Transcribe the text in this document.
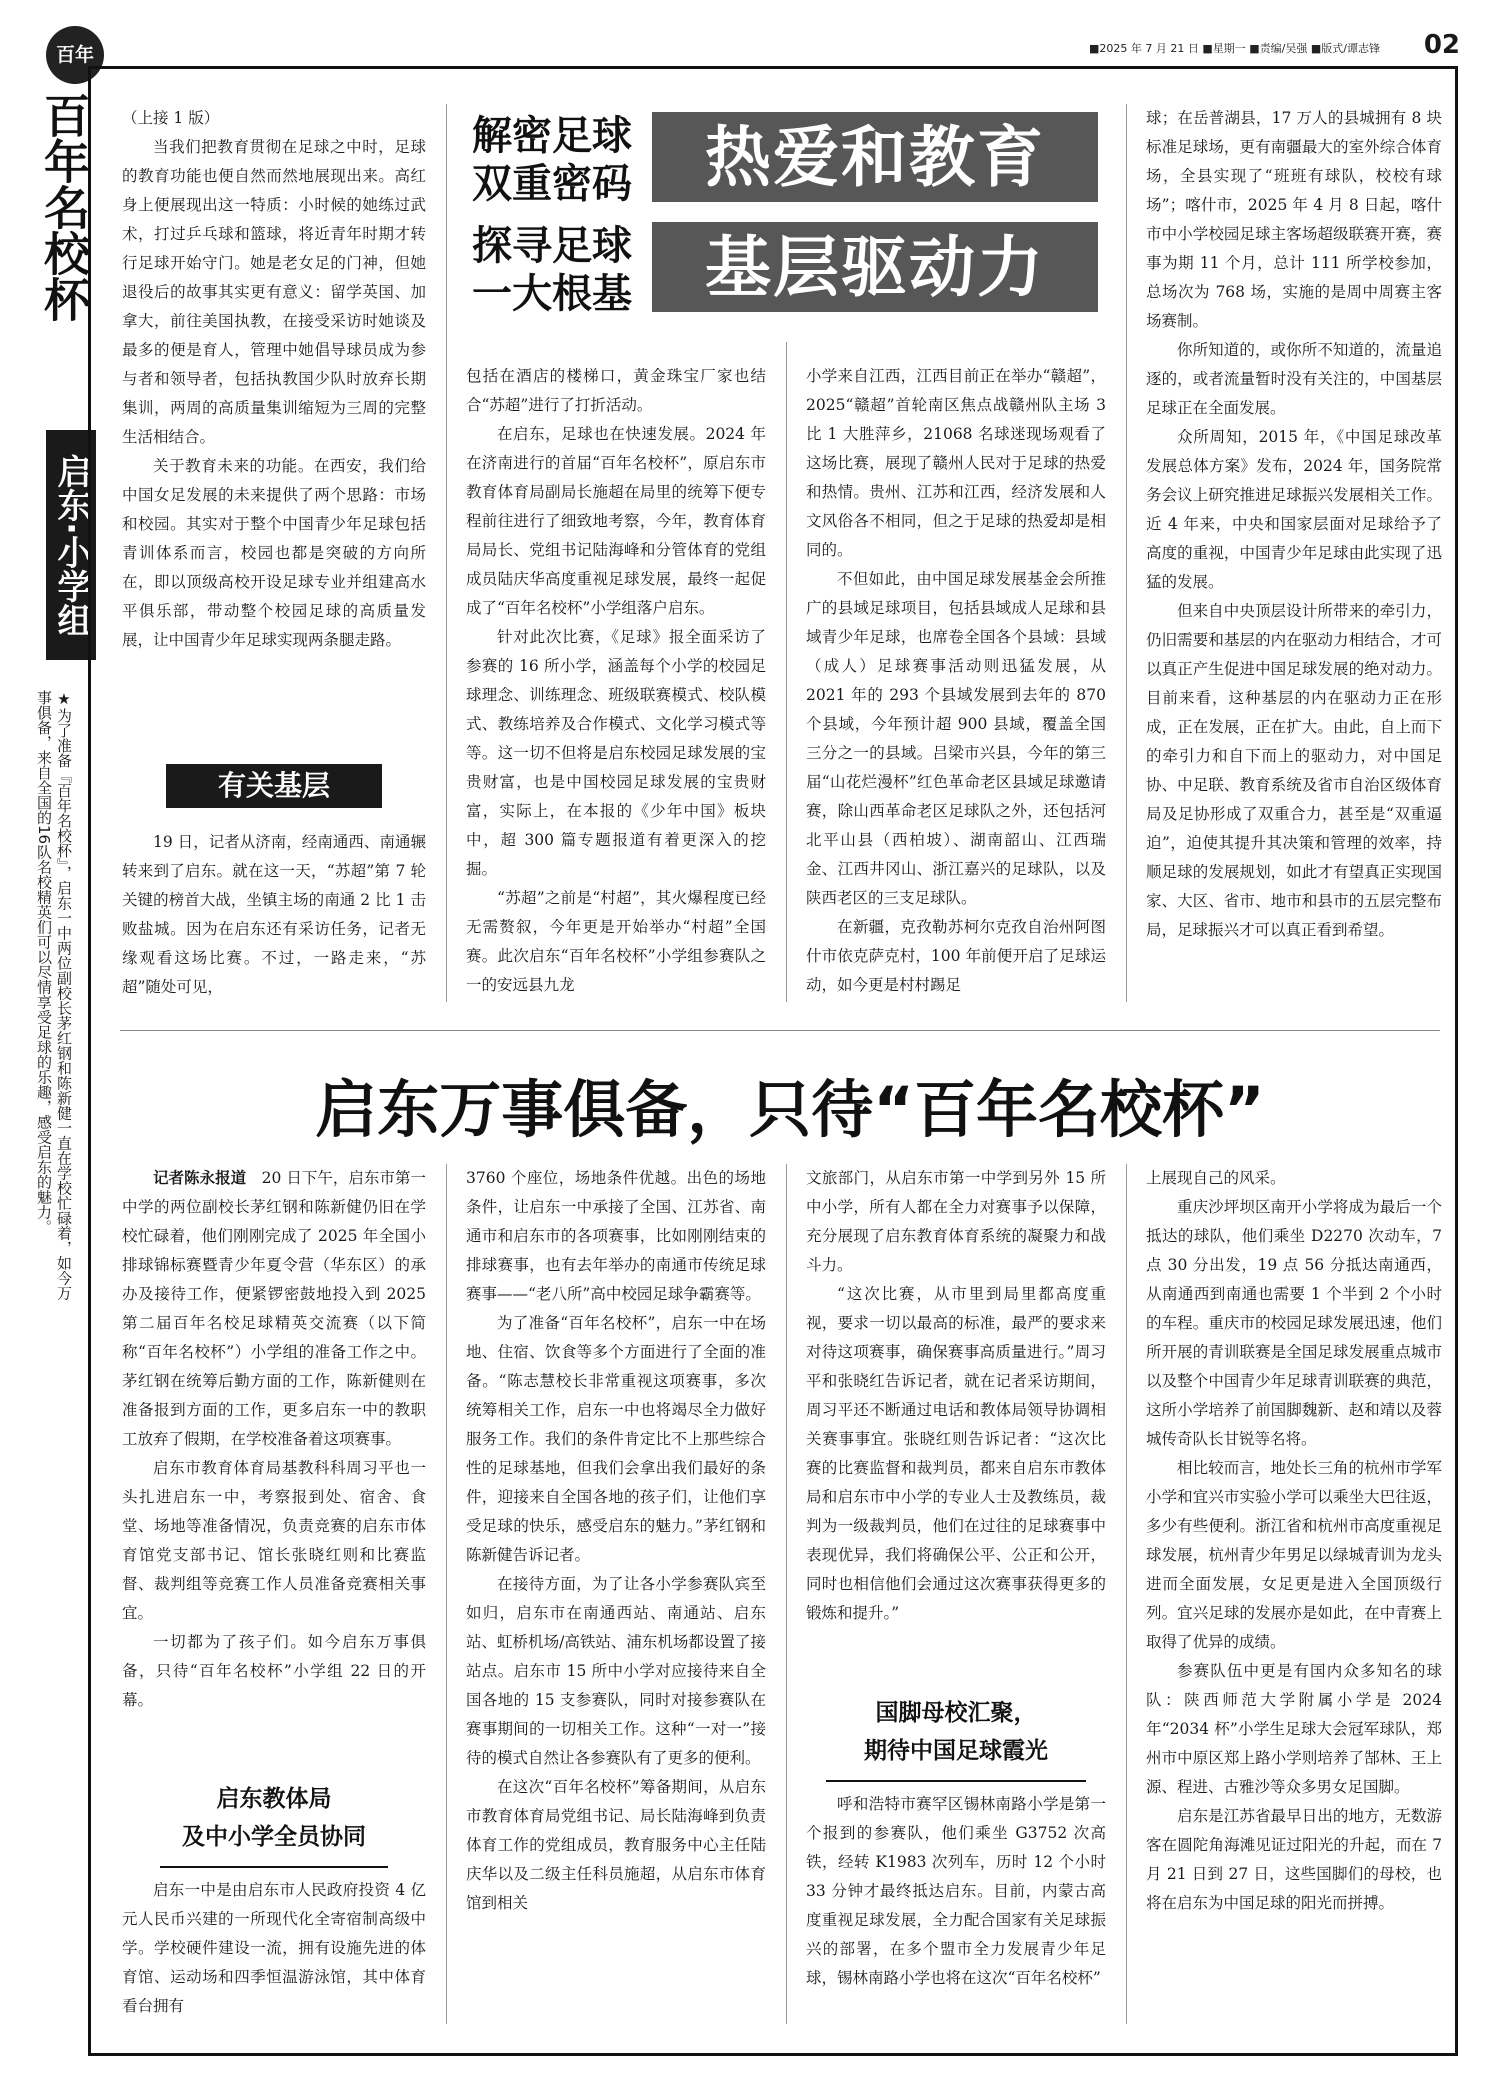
百年	■2025 年 7 月 21 日 ■星期一 ■责编/吴强 ■版式/谭志锋 02
百年名校杯
启东·小学组
★为了准备『百年名校杯』，启东一中两位副校长茅红钢和陈新健一直在学校忙碌着，如今万事俱备，来自全国的16队名校精英们可以尽情享受足球的乐趣，感受启东的魅力。
解密足球双重密码	热爱和教育
探寻足球一大根基	基层驱动力

（上接 1 版）

当我们把教育贯彻在足球之中时，足球的教育功能也便自然而然地展现出来。高红身上便展现出这一特质：小时候的她练过武术，打过乒乓球和篮球，将近青年时期才转行足球开始守门。她是老女足的门神，但她退役后的故事其实更有意义：留学英国、加拿大，前往美国执教，在接受采访时她谈及最多的便是育人，管理中她倡导球员成为参与者和领导者，包括执教国少队时放弃长期集训，两周的高质量集训缩短为三周的完整生活相结合。

关于教育未来的功能。在西安，我们给中国女足发展的未来提供了两个思路：市场和校园。其实对于整个中国青少年足球包括青训体系而言，校园也都是突破的方向所在，即以顶级高校开设足球专业并组建高水平俱乐部，带动整个校园足球的高质量发展，让中国青少年足球实现两条腿走路。

有关基层

19 日，记者从济南，经南通西、南通辗转来到了启东。就在这一天，“苏超”第 7 轮关键的榜首大战，坐镇主场的南通 2 比 1 击败盐城。因为在启东还有采访任务，记者无缘观看这场比赛。不过，一路走来，“苏超”随处可见，

包括在酒店的楼梯口，黄金珠宝厂家也结合“苏超”进行了打折活动。

在启东，足球也在快速发展。2024 年在济南进行的首届“百年名校杯”，原启东市教育体育局副局长施超在局里的统筹下便专程前往进行了细致地考察，今年，教育体育局局长、党组书记陆海峰和分管体育的党组成员陆庆华高度重视足球发展，最终一起促成了“百年名校杯”小学组落户启东。

针对此次比赛，《足球》报全面采访了参赛的 16 所小学，涵盖每个小学的校园足球理念、训练理念、班级联赛模式、校队模式、教练培养及合作模式、文化学习模式等等。这一切不但将是启东校园足球发展的宝贵财富，也是中国校园足球发展的宝贵财富，实际上，在本报的《少年中国》板块中，超 300 篇专题报道有着更深入的挖掘。

“苏超”之前是“村超”，其火爆程度已经无需赘叙，今年更是开始举办“村超”全国赛。此次启东“百年名校杯”小学组参赛队之一的安远县九龙

小学来自江西，江西目前正在举办“赣超”，2025“赣超”首轮南区焦点战赣州队主场 3 比 1 大胜萍乡，21068 名球迷现场观看了这场比赛，展现了赣州人民对于足球的热爱和热情。贵州、江苏和江西，经济发展和人文风俗各不相同，但之于足球的热爱却是相同的。

不但如此，由中国足球发展基金会所推广的县域足球项目，包括县域成人足球和县域青少年足球，也席卷全国各个县域：县域（成人）足球赛事活动则迅猛发展，从 2021 年的 293 个县域发展到去年的 870 个县域，今年预计超 900 县域，覆盖全国三分之一的县域。吕梁市兴县，今年的第三届“山花烂漫杯”红色革命老区县域足球邀请赛，除山西革命老区足球队之外，还包括河北平山县（西柏坡）、湖南韶山、江西瑞金、江西井冈山、浙江嘉兴的足球队，以及陕西老区的三支足球队。

在新疆，克孜勒苏柯尔克孜自治州阿图什市依克萨克村，100 年前便开启了足球运动，如今更是村村踢足

球；在岳普湖县，17 万人的县城拥有 8 块标准足球场，更有南疆最大的室外综合体育场，全县实现了“班班有球队，校校有球场”；喀什市，2025 年 4 月 8 日起，喀什市中小学校园足球主客场超级联赛开赛，赛事为期 11 个月，总计 111 所学校参加，总场次为 768 场，实施的是周中周赛主客场赛制。

你所知道的，或你所不知道的，流量追逐的，或者流量暂时没有关注的，中国基层足球正在全面发展。

众所周知，2015 年，《中国足球改革发展总体方案》发布，2024 年，国务院常务会议上研究推进足球振兴发展相关工作。近 4 年来，中央和国家层面对足球给予了高度的重视，中国青少年足球由此实现了迅猛的发展。

但来自中央顶层设计所带来的牵引力，仍旧需要和基层的内在驱动力相结合，才可以真正产生促进中国足球发展的绝对动力。目前来看，这种基层的内在驱动力正在形成，正在发展，正在扩大。由此，自上而下的牵引力和自下而上的驱动力，对中国足协、中足联、教育系统及省市自治区级体育局及足协形成了双重合力，甚至是“双重逼迫”，迫使其提升其决策和管理的效率，持顺足球的发展规划，如此才有望真正实现国家、大区、省市、地市和县市的五层完整布局，足球振兴才可以真正看到希望。

启东万事俱备，只待“百年名校杯”

记者陈永报道　 20 日下午，启东市第一中学的两位副校长茅红钢和陈新健仍旧在学校忙碌着，他们刚刚完成了 2025 年全国小排球锦标赛暨青少年夏令营（华东区）的承办及接待工作，便紧锣密鼓地投入到 2025 第二届百年名校足球精英交流赛（以下简称“百年名校杯”）小学组的准备工作之中。茅红钢在统筹后勤方面的工作，陈新健则在准备报到方面的工作，更多启东一中的教职工放弃了假期，在学校准备着这项赛事。

启东市教育体育局基教科科周习平也一头扎进启东一中，考察报到处、宿舍、食堂、场地等准备情况，负责竞赛的启东市体育馆党支部书记、馆长张晓红则和比赛监督、裁判组等竞赛工作人员准备竞赛相关事宜。

一切都为了孩子们。如今启东万事俱备，只待“百年名校杯”小学组 22 日的开幕。

启东教体局
及中小学全员协同

启东一中是由启东市人民政府投资 4 亿元人民币兴建的一所现代化全寄宿制高级中学。学校硬件建设一流，拥有设施先进的体育馆、运动场和四季恒温游泳馆，其中体育看台拥有

3760 个座位，场地条件优越。出色的场地条件，让启东一中承接了全国、江苏省、南通市和启东市的各项赛事，比如刚刚结束的排球赛事，也有去年举办的南通市传统足球赛事——“老八所”高中校园足球争霸赛等。

为了准备“百年名校杯”，启东一中在场地、住宿、饮食等多个方面进行了全面的准备。“陈志慧校长非常重视这项赛事，多次统筹相关工作，启东一中也将竭尽全力做好服务工作。我们的条件肯定比不上那些综合性的足球基地，但我们会拿出我们最好的条件，迎接来自全国各地的孩子们，让他们享受足球的快乐，感受启东的魅力。”茅红钢和陈新健告诉记者。

在接待方面，为了让各小学参赛队宾至如归，启东市在南通西站、南通站、启东站、虹桥机场/高铁站、浦东机场都设置了接站点。启东市 15 所中小学对应接待来自全国各地的 15 支参赛队，同时对接参赛队在赛事期间的一切相关工作。这种“一对一”接待的模式自然让各参赛队有了更多的便利。

在这次“百年名校杯”筹备期间，从启东市教育体育局党组书记、局长陆海峰到负责体育工作的党组成员，教育服务中心主任陆庆华以及二级主任科员施超，从启东市体育馆到相关

文旅部门，从启东市第一中学到另外 15 所中小学，所有人都在全力对赛事予以保障，充分展现了启东教育体育系统的凝聚力和战斗力。

“这次比赛，从市里到局里都高度重视，要求一切以最高的标准，最严的要求来对待这项赛事，确保赛事高质量进行。”周习平和张晓红告诉记者，就在记者采访期间，周习平还不断通过电话和教体局领导协调相关赛事事宜。张晓红则告诉记者：“这次比赛的比赛监督和裁判员，都来自启东市教体局和启东市中小学的专业人士及教练员，裁判为一级裁判员，他们在过往的足球赛事中表现优异，我们将确保公平、公正和公开，同时也相信他们会通过这次赛事获得更多的锻炼和提升。”

国脚母校汇聚，
期待中国足球霞光

呼和浩特市赛罕区锡林南路小学是第一个报到的参赛队，他们乘坐 G3752 次高铁，经转 K1983 次列车，历时 12 个小时 33 分钟才最终抵达启东。目前，内蒙古高度重视足球发展，全力配合国家有关足球振兴的部署，在多个盟市全力发展青少年足球，锡林南路小学也将在这次“百年名校杯”

上展现自己的风采。

重庆沙坪坝区南开小学将成为最后一个抵达的球队，他们乘坐 D2270 次动车，7 点 30 分出发，19 点 56 分抵达南通西，从南通西到南通也需要 1 个半到 2 个小时的车程。重庆市的校园足球发展迅速，他们所开展的青训联赛是全国足球发展重点城市以及整个中国青少年足球青训联赛的典范，这所小学培养了前国脚魏新、赵和靖以及蓉城传奇队长甘锐等名将。

相比较而言，地处长三角的杭州市学军小学和宜兴市实验小学可以乘坐大巴往返，多少有些便利。浙江省和杭州市高度重视足球发展，杭州青少年男足以绿城青训为龙头进而全面发展，女足更是进入全国顶级行列。宜兴足球的发展亦是如此，在中青赛上取得了优异的成绩。

参赛队伍中更是有国内众多知名的球队：陕西师范大学附属小学是 2024 年“2034 杯”小学生足球大会冠军球队，郑州市中原区郑上路小学则培养了郜林、王上源、程进、古雅沙等众多男女足国脚。

启东是江苏省最早日出的地方，无数游客在圆陀角海滩见证过阳光的升起，而在 7 月 21 日到 27 日，这些国脚们的母校，也将在启东为中国足球的阳光而拼搏。
